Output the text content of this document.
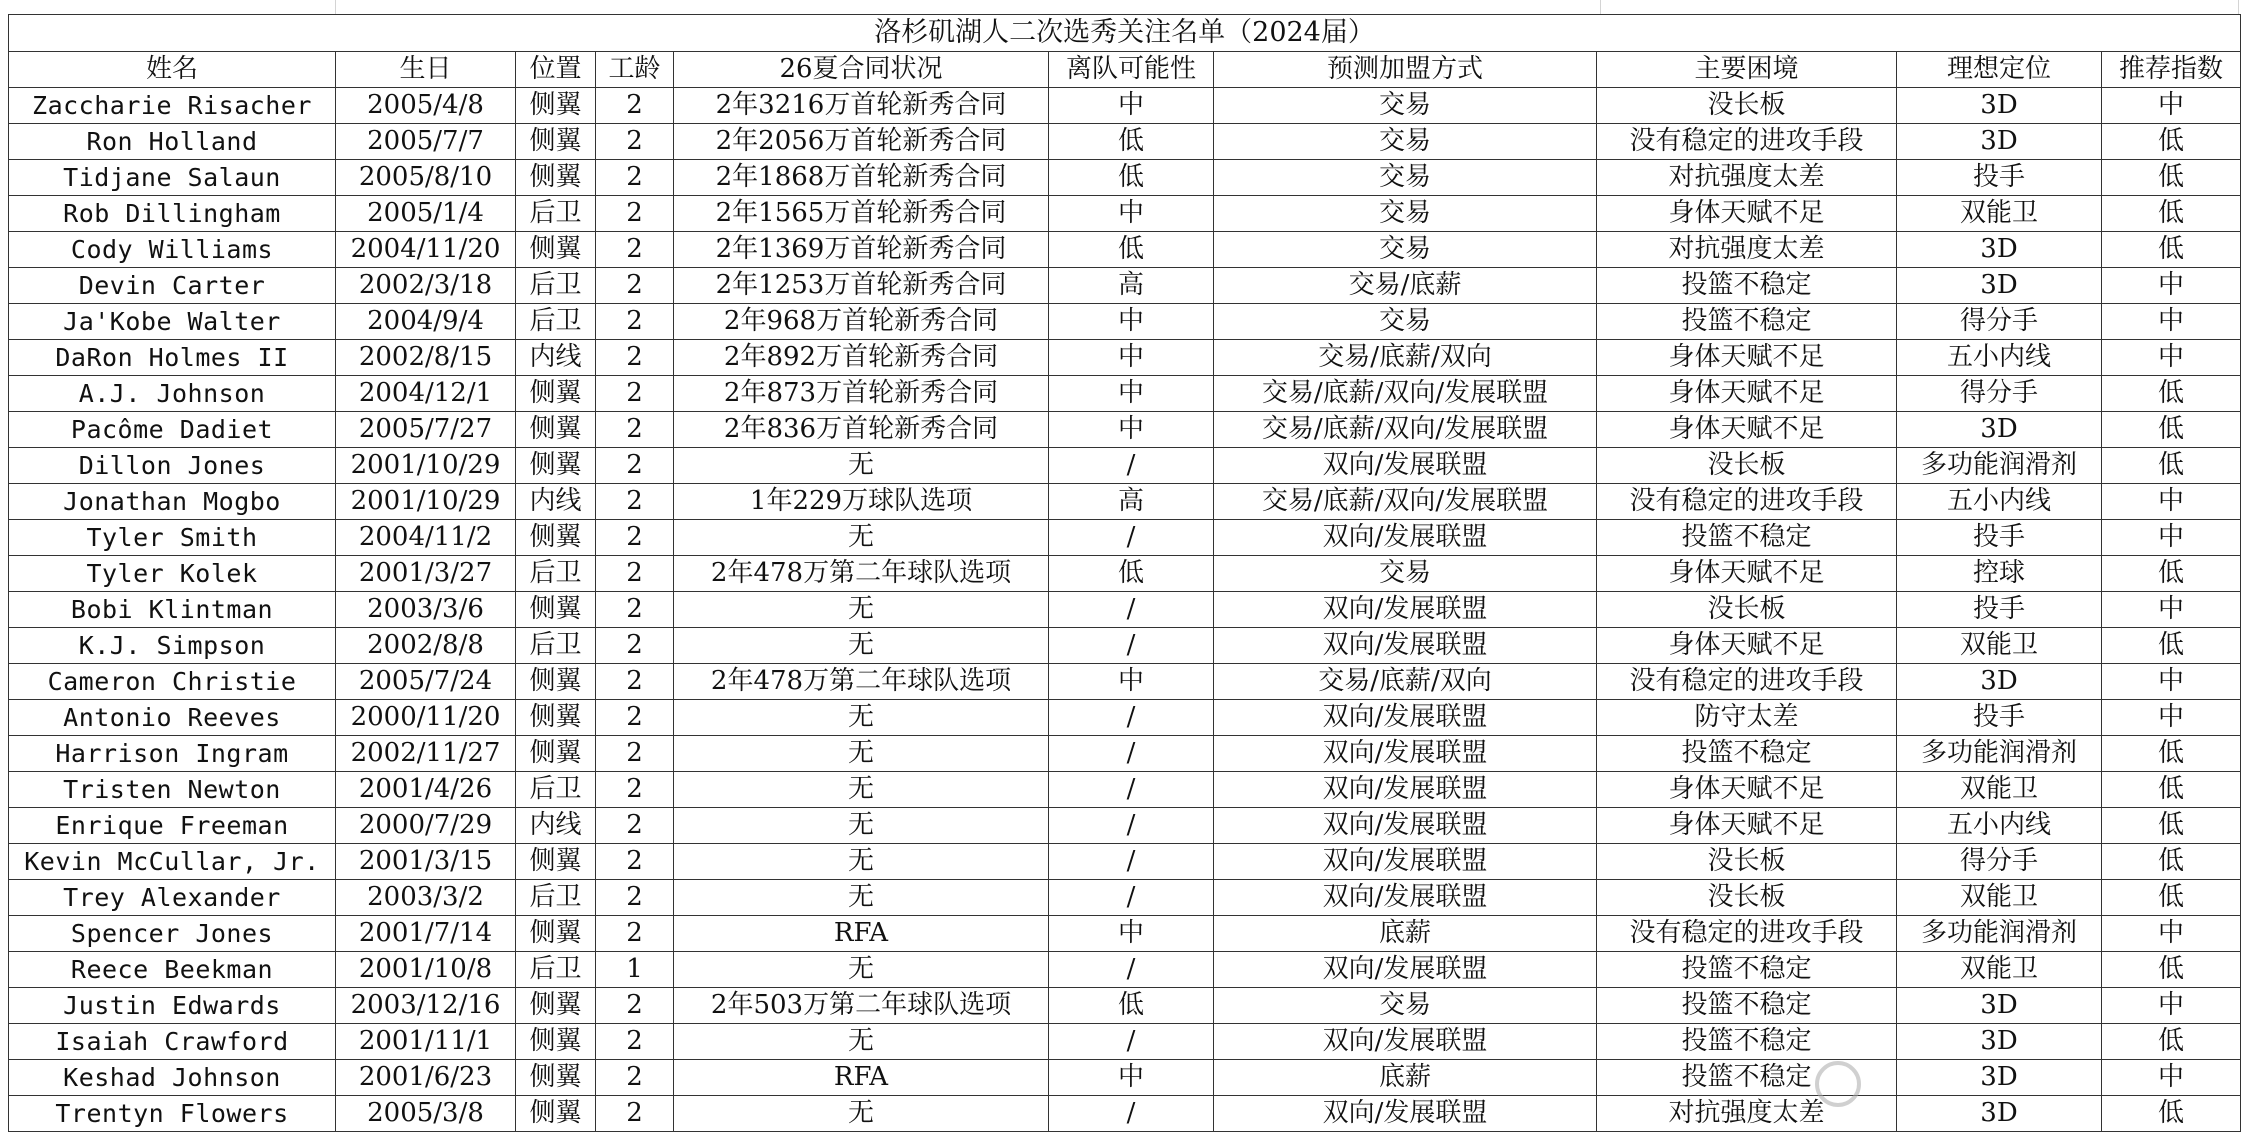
洛杉矶湖人二次选秀关注名单（2024届）									
姓名	生日	位置	工龄	26夏合同状况	离队可能性	预测加盟方式	主要困境	理想定位	推荐指数
Zaccharie Risacher	2005/4/8	侧翼	2	2年3216万首轮新秀合同	中	交易	没长板	3D	中
Ron Holland	2005/7/7	侧翼	2	2年2056万首轮新秀合同	低	交易	没有稳定的进攻手段	3D	低
Tidjane Salaun	2005/8/10	侧翼	2	2年1868万首轮新秀合同	低	交易	对抗强度太差	投手	低
Rob Dillingham	2005/1/4	后卫	2	2年1565万首轮新秀合同	中	交易	身体天赋不足	双能卫	低
Cody Williams	2004/11/20	侧翼	2	2年1369万首轮新秀合同	低	交易	对抗强度太差	3D	低
Devin Carter	2002/3/18	后卫	2	2年1253万首轮新秀合同	高	交易/底薪	投篮不稳定	3D	中
Ja'Kobe Walter	2004/9/4	后卫	2	2年968万首轮新秀合同	中	交易	投篮不稳定	得分手	中
DaRon Holmes II	2002/8/15	内线	2	2年892万首轮新秀合同	中	交易/底薪/双向	身体天赋不足	五小内线	中
A.J. Johnson	2004/12/1	侧翼	2	2年873万首轮新秀合同	中	交易/底薪/双向/发展联盟	身体天赋不足	得分手	低
Pacôme Dadiet	2005/7/27	侧翼	2	2年836万首轮新秀合同	中	交易/底薪/双向/发展联盟	身体天赋不足	3D	低
Dillon Jones	2001/10/29	侧翼	2	无	/	双向/发展联盟	没长板	多功能润滑剂	低
Jonathan Mogbo	2001/10/29	内线	2	1年229万球队选项	高	交易/底薪/双向/发展联盟	没有稳定的进攻手段	五小内线	中
Tyler Smith	2004/11/2	侧翼	2	无	/	双向/发展联盟	投篮不稳定	投手	中
Tyler Kolek	2001/3/27	后卫	2	2年478万第二年球队选项	低	交易	身体天赋不足	控球	低
Bobi Klintman	2003/3/6	侧翼	2	无	/	双向/发展联盟	没长板	投手	中
K.J. Simpson	2002/8/8	后卫	2	无	/	双向/发展联盟	身体天赋不足	双能卫	低
Cameron Christie	2005/7/24	侧翼	2	2年478万第二年球队选项	中	交易/底薪/双向	没有稳定的进攻手段	3D	中
Antonio Reeves	2000/11/20	侧翼	2	无	/	双向/发展联盟	防守太差	投手	中
Harrison Ingram	2002/11/27	侧翼	2	无	/	双向/发展联盟	投篮不稳定	多功能润滑剂	低
Tristen Newton	2001/4/26	后卫	2	无	/	双向/发展联盟	身体天赋不足	双能卫	低
Enrique Freeman	2000/7/29	内线	2	无	/	双向/发展联盟	身体天赋不足	五小内线	低
Kevin McCullar, Jr.	2001/3/15	侧翼	2	无	/	双向/发展联盟	没长板	得分手	低
Trey Alexander	2003/3/2	后卫	2	无	/	双向/发展联盟	没长板	双能卫	低
Spencer Jones	2001/7/14	侧翼	2	RFA	中	底薪	没有稳定的进攻手段	多功能润滑剂	中
Reece Beekman	2001/10/8	后卫	1	无	/	双向/发展联盟	投篮不稳定	双能卫	低
Justin Edwards	2003/12/16	侧翼	2	2年503万第二年球队选项	低	交易	投篮不稳定	3D	中
Isaiah Crawford	2001/11/1	侧翼	2	无	/	双向/发展联盟	投篮不稳定	3D	低
Keshad Johnson	2001/6/23	侧翼	2	RFA	中	底薪	投篮不稳定	3D	中
Trentyn Flowers	2005/3/8	侧翼	2	无	/	双向/发展联盟	对抗强度太差	3D	低
